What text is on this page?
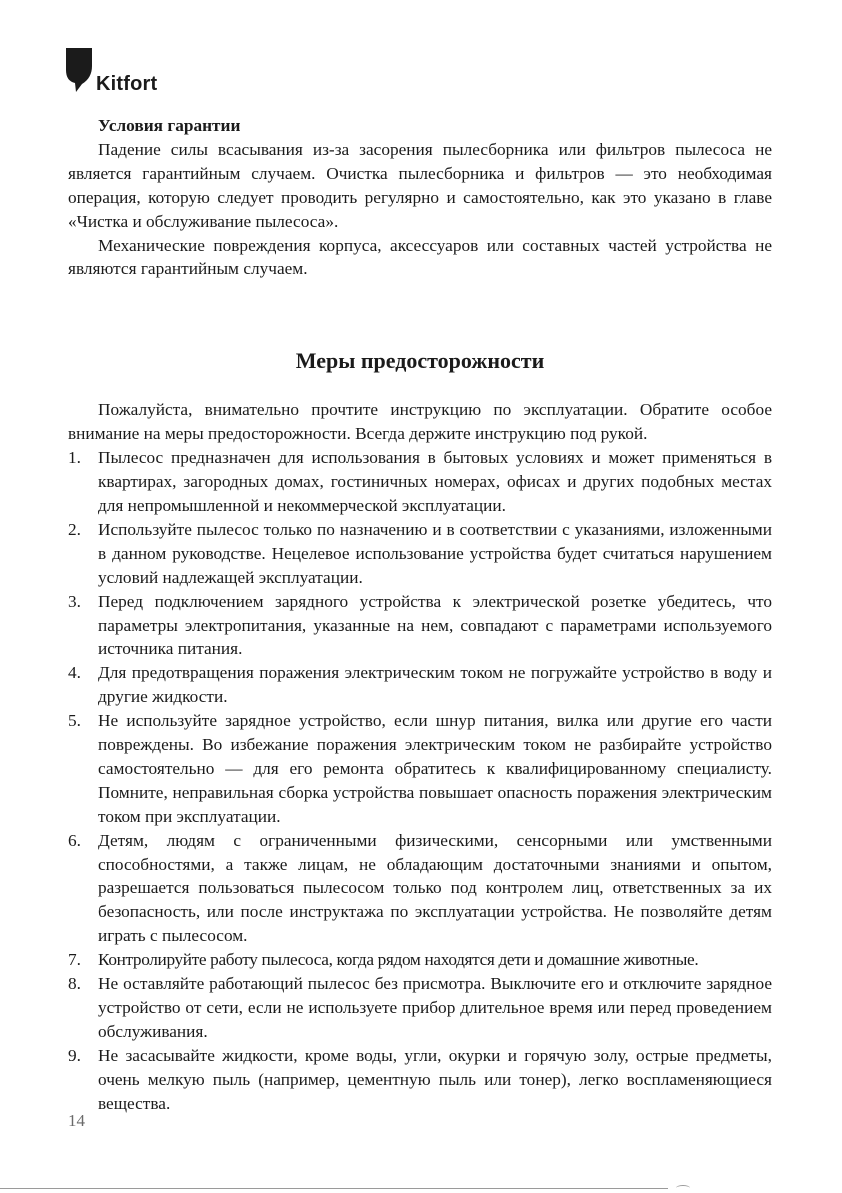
Kitfort

Условия гарантии

Падение силы всасывания из-за засорения пылесборника или фильтров пылесоса не является гарантийным случаем. Очистка пылесборника и фильтров — это необходимая операция, которую следует проводить регулярно и самостоятельно, как это указано в главе «Чистка и обслуживание пылесоса».

Механические повреждения корпуса, аксессуаров или составных частей устройства не являются гарантийным случаем.

Меры предосторожности

Пожалуйста, внимательно прочтите инструкцию по эксплуатации. Обратите особое внимание на меры предосторожности. Всегда держите инструкцию под рукой.

1. Пылесос предназначен для использования в бытовых условиях и может применяться в квартирах, загородных домах, гостиничных номерах, офисах и других подобных местах для непромышленной и некоммерческой эксплуатации.
2. Используйте пылесос только по назначению и в соответствии с указаниями, изложенными в данном руководстве. Нецелевое использование устройства будет считаться нарушением условий надлежащей эксплуатации.
3. Перед подключением зарядного устройства к электрической розетке убедитесь, что параметры электропитания, указанные на нем, совпадают с параметрами используемого источника питания.
4. Для предотвращения поражения электрическим током не погружайте устройство в воду и другие жидкости.
5. Не используйте зарядное устройство, если шнур питания, вилка или другие его части повреждены. Во избежание поражения электрическим током не разбирайте устройство самостоятельно — для его ремонта обратитесь к квалифицированному специалисту. Помните, неправильная сборка устройства повышает опасность поражения электрическим током при эксплуатации.
6. Детям, людям с ограниченными физическими, сенсорными или умственными способностями, а также лицам, не обладающим достаточными знаниями и опытом, разрешается пользоваться пылесосом только под контролем лиц, ответственных за их безопасность, или после инструктажа по эксплуатации устройства. Не позволяйте детям играть с пылесосом.
7. Контролируйте работу пылесоса, когда рядом находятся дети и домашние животные.
8. Не оставляйте работающий пылесос без присмотра. Выключите его и отключите зарядное устройство от сети, если не используете прибор длительное время или перед проведением обслуживания.
9. Не засасывайте жидкости, кроме воды, угли, окурки и горячую золу, острые предметы, очень мелкую пыль (например, цементную пыль или тонер), легко воспламеняющиеся вещества.
14
